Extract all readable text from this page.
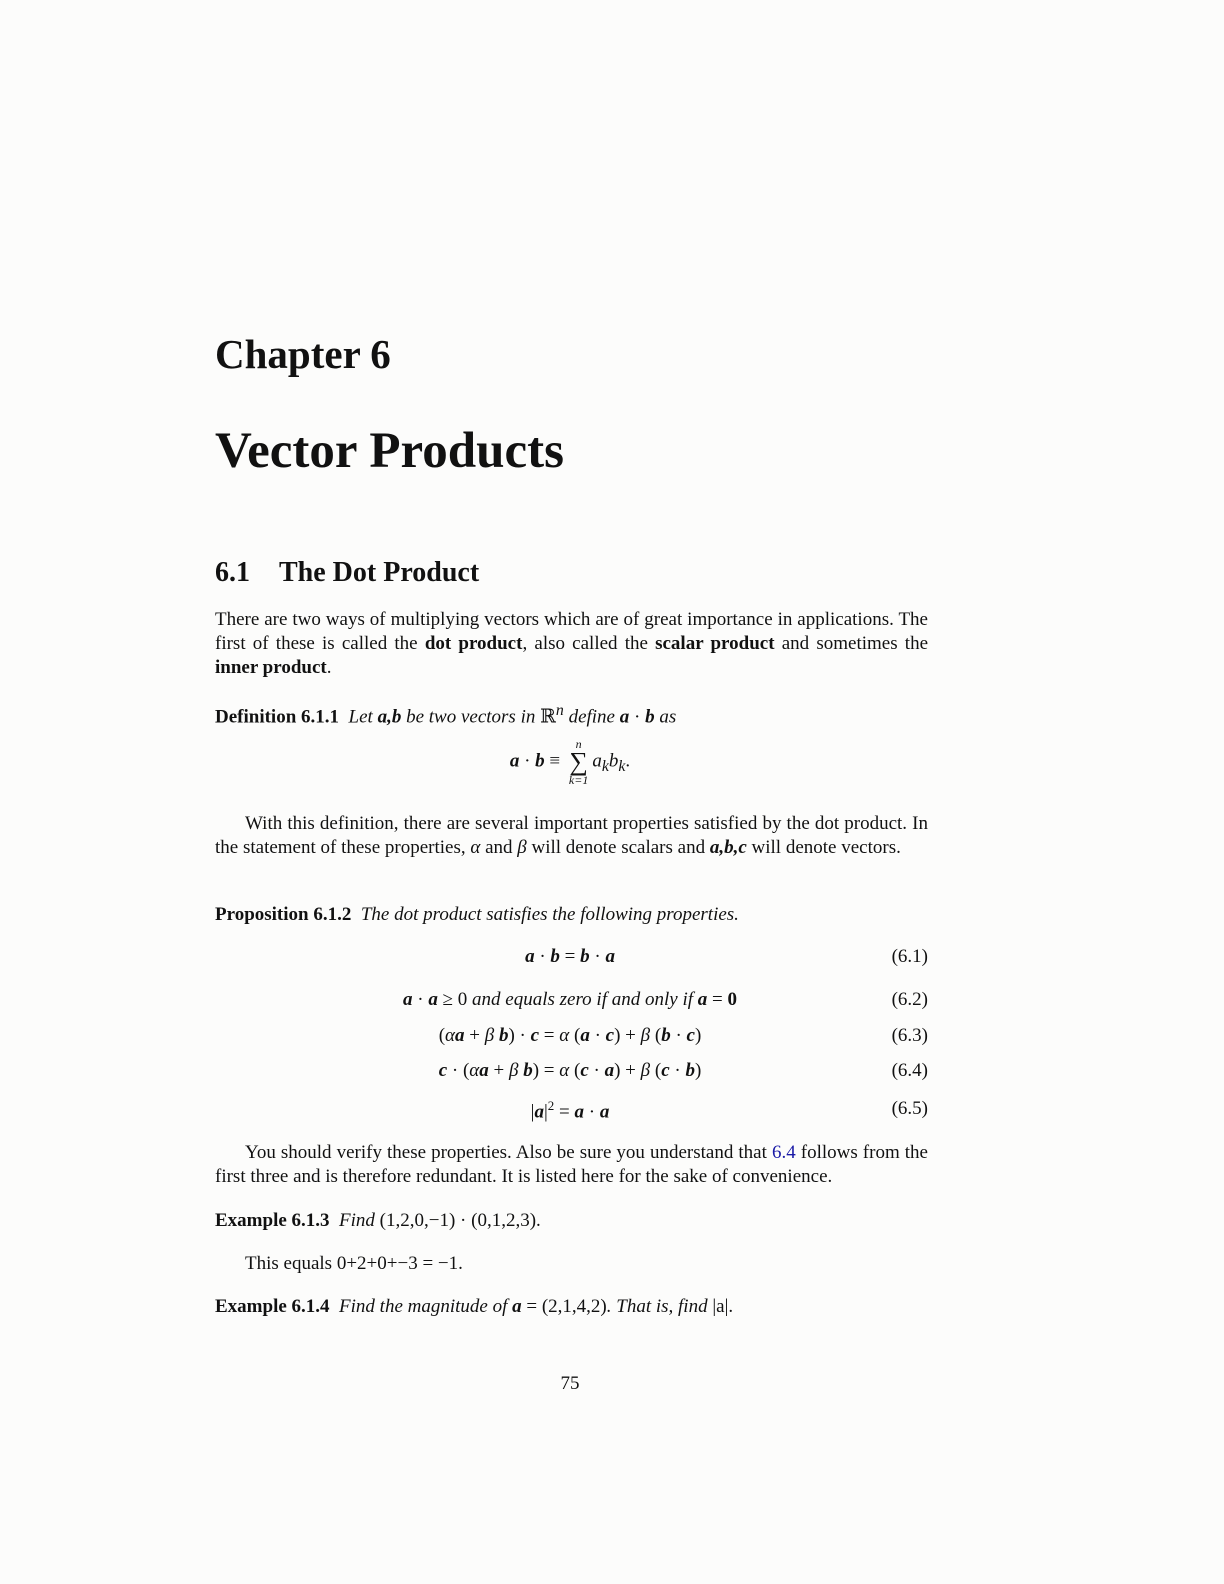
Chapter 6
Vector Products
6.1 The Dot Product

There are two ways of multiplying vectors which are of great importance in applications. The first of these is called the dot product, also called the scalar product and sometimes the inner product.

Definition 6.1.1 Let a,b be two vectors in ℝ$^n$ define a · b as

a · b ≡
n
∑
k=1
$a_kb_k$.

With this definition, there are several important properties satisfied by the dot product. In the statement of these properties, α and β will denote scalars and a,b,c will denote vectors.

Proposition 6.1.2 The dot product satisfies the following properties.

a · b = b · a	(6.1)
a · a ≥ 0 and equals zero if and only if a = 0	(6.2)
(αa + β b) · c = α (a · c) + β (b · c)	(6.3)
c · (αa + β b) = α (c · a) + β (c · b)	(6.4)
$|a|^2 = a \cdot a$	(6.5)

You should verify these properties. Also be sure you understand that 6.4 follows from the first three and is therefore redundant. It is listed here for the sake of convenience.

Example 6.1.3 Find (1,2,0,−1) · (0,1,2,3).

This equals 0+2+0+−3 = −1.

Example 6.1.4 Find the magnitude of a = (2,1,4,2). That is, find |a|.

75
